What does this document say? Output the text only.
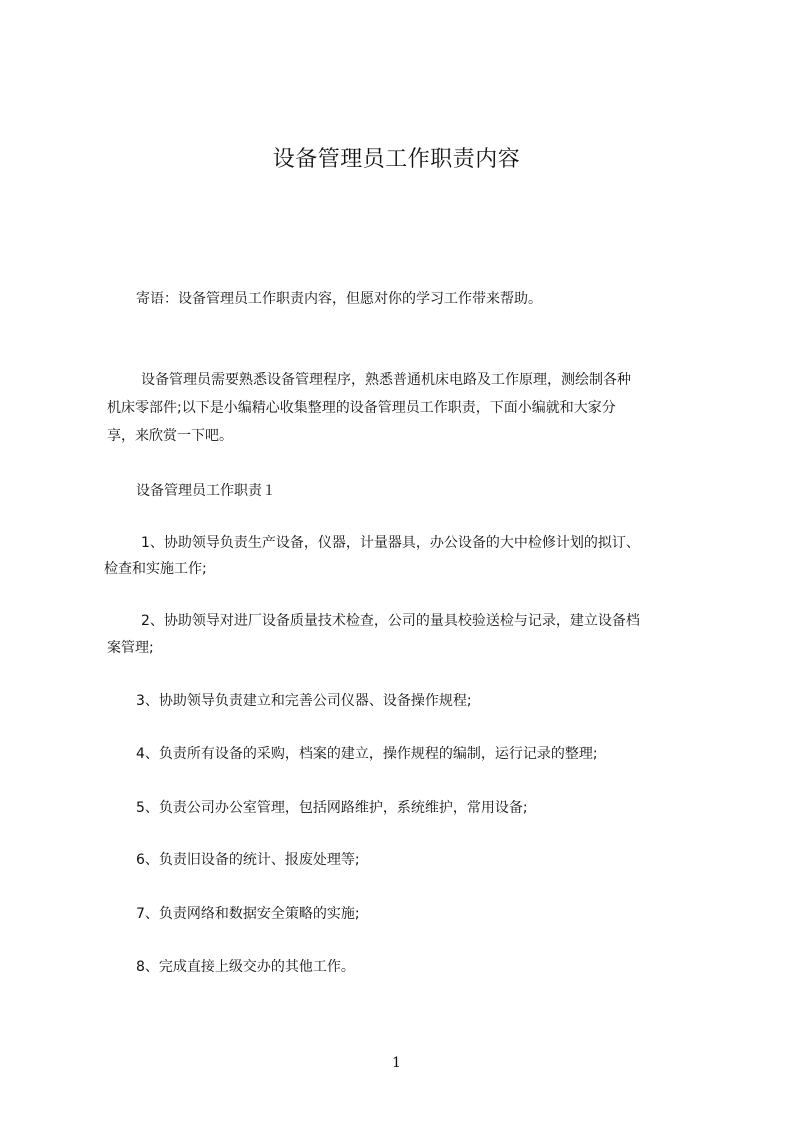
设备管理员工作职责内容

寄语：设备管理员工作职责内容，但愿对你的学习工作带来帮助。

设备管理员需要熟悉设备管理程序，熟悉普通机床电路及工作原理，测绘制各种

机床零部件;以下是小编精心收集整理的设备管理员工作职责，下面小编就和大家分

享，来欣赏一下吧。

设备管理员工作职责１

1、协助领导负责生产设备，仪器，计量器具，办公设备的大中检修计划的拟订、

检查和实施工作;

2、协助领导对进厂设备质量技术检查，公司的量具校验送检与记录，建立设备档

案管理;

3、协助领导负责建立和完善公司仪器、设备操作规程;

4、负责所有设备的采购，档案的建立，操作规程的编制，运行记录的整理;

5、负责公司办公室管理，包括网路维护，系统维护，常用设备;

6、负责旧设备的统计、报废处理等;

7、负责网络和数据安全策略的实施;

8、完成直接上级交办的其他工作。

1
